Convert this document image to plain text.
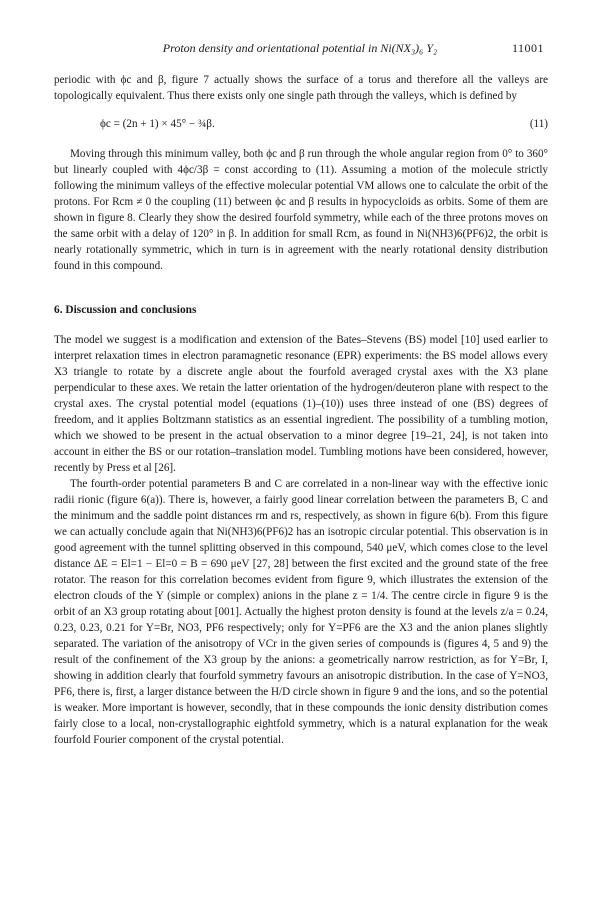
Proton density and orientational potential in Ni(NX₃)₆ Y₂	11001

periodic with ϕc and β, figure 7 actually shows the surface of a torus and therefore all the valleys are topologically equivalent. Thus there exists only one single path through the valleys, which is defined by

ϕc = (2n + 1) × 45° − ¾β.	(11)

Moving through this minimum valley, both ϕc and β run through the whole angular region from 0° to 360° but linearly coupled with 4ϕc/3β = const according to (11). Assuming a motion of the molecule strictly following the minimum valleys of the effective molecular potential VM allows one to calculate the orbit of the protons. For Rcm ≠ 0 the coupling (11) between ϕc and β results in hypocycloids as orbits. Some of them are shown in figure 8. Clearly they show the desired fourfold symmetry, while each of the three protons moves on the same orbit with a delay of 120° in β. In addition for small Rcm, as found in Ni(NH3)6(PF6)2, the orbit is nearly rotationally symmetric, which in turn is in agreement with the nearly rotational density distribution found in this compound.

6. Discussion and conclusions

The model we suggest is a modification and extension of the Bates–Stevens (BS) model [10] used earlier to interpret relaxation times in electron paramagnetic resonance (EPR) experiments: the BS model allows every X3 triangle to rotate by a discrete angle about the fourfold averaged crystal axes with the X3 plane perpendicular to these axes. We retain the latter orientation of the hydrogen/deuteron plane with respect to the crystal axes. The crystal potential model (equations (1)–(10)) uses three instead of one (BS) degrees of freedom, and it applies Boltzmann statistics as an essential ingredient. The possibility of a tumbling motion, which we showed to be present in the actual observation to a minor degree [19–21, 24], is not taken into account in either the BS or our rotation–translation model. Tumbling motions have been considered, however, recently by Press et al [26].

The fourth-order potential parameters B and C are correlated in a non-linear way with the effective ionic radii rionic (figure 6(a)). There is, however, a fairly good linear correlation between the parameters B, C and the minimum and the saddle point distances rm and rs, respectively, as shown in figure 6(b). From this figure we can actually conclude again that Ni(NH3)6(PF6)2 has an isotropic circular potential. This observation is in good agreement with the tunnel splitting observed in this compound, 540 μeV, which comes close to the level distance ΔE = El=1 − El=0 = B = 690 μeV [27, 28] between the first excited and the ground state of the free rotator. The reason for this correlation becomes evident from figure 9, which illustrates the extension of the electron clouds of the Y (simple or complex) anions in the plane z = 1/4. The centre circle in figure 9 is the orbit of an X3 group rotating about [001]. Actually the highest proton density is found at the levels z/a = 0.24, 0.23, 0.23, 0.21 for Y=Br, NO3, PF6 respectively; only for Y=PF6 are the X3 and the anion planes slightly separated. The variation of the anisotropy of VCr in the given series of compounds is (figures 4, 5 and 9) the result of the confinement of the X3 group by the anions: a geometrically narrow restriction, as for Y=Br, I, showing in addition clearly that fourfold symmetry favours an anisotropic distribution. In the case of Y=NO3, PF6, there is, first, a larger distance between the H/D circle shown in figure 9 and the ions, and so the potential is weaker. More important is however, secondly, that in these compounds the ionic density distribution comes fairly close to a local, non-crystallographic eightfold symmetry, which is a natural explanation for the weak fourfold Fourier component of the crystal potential.
